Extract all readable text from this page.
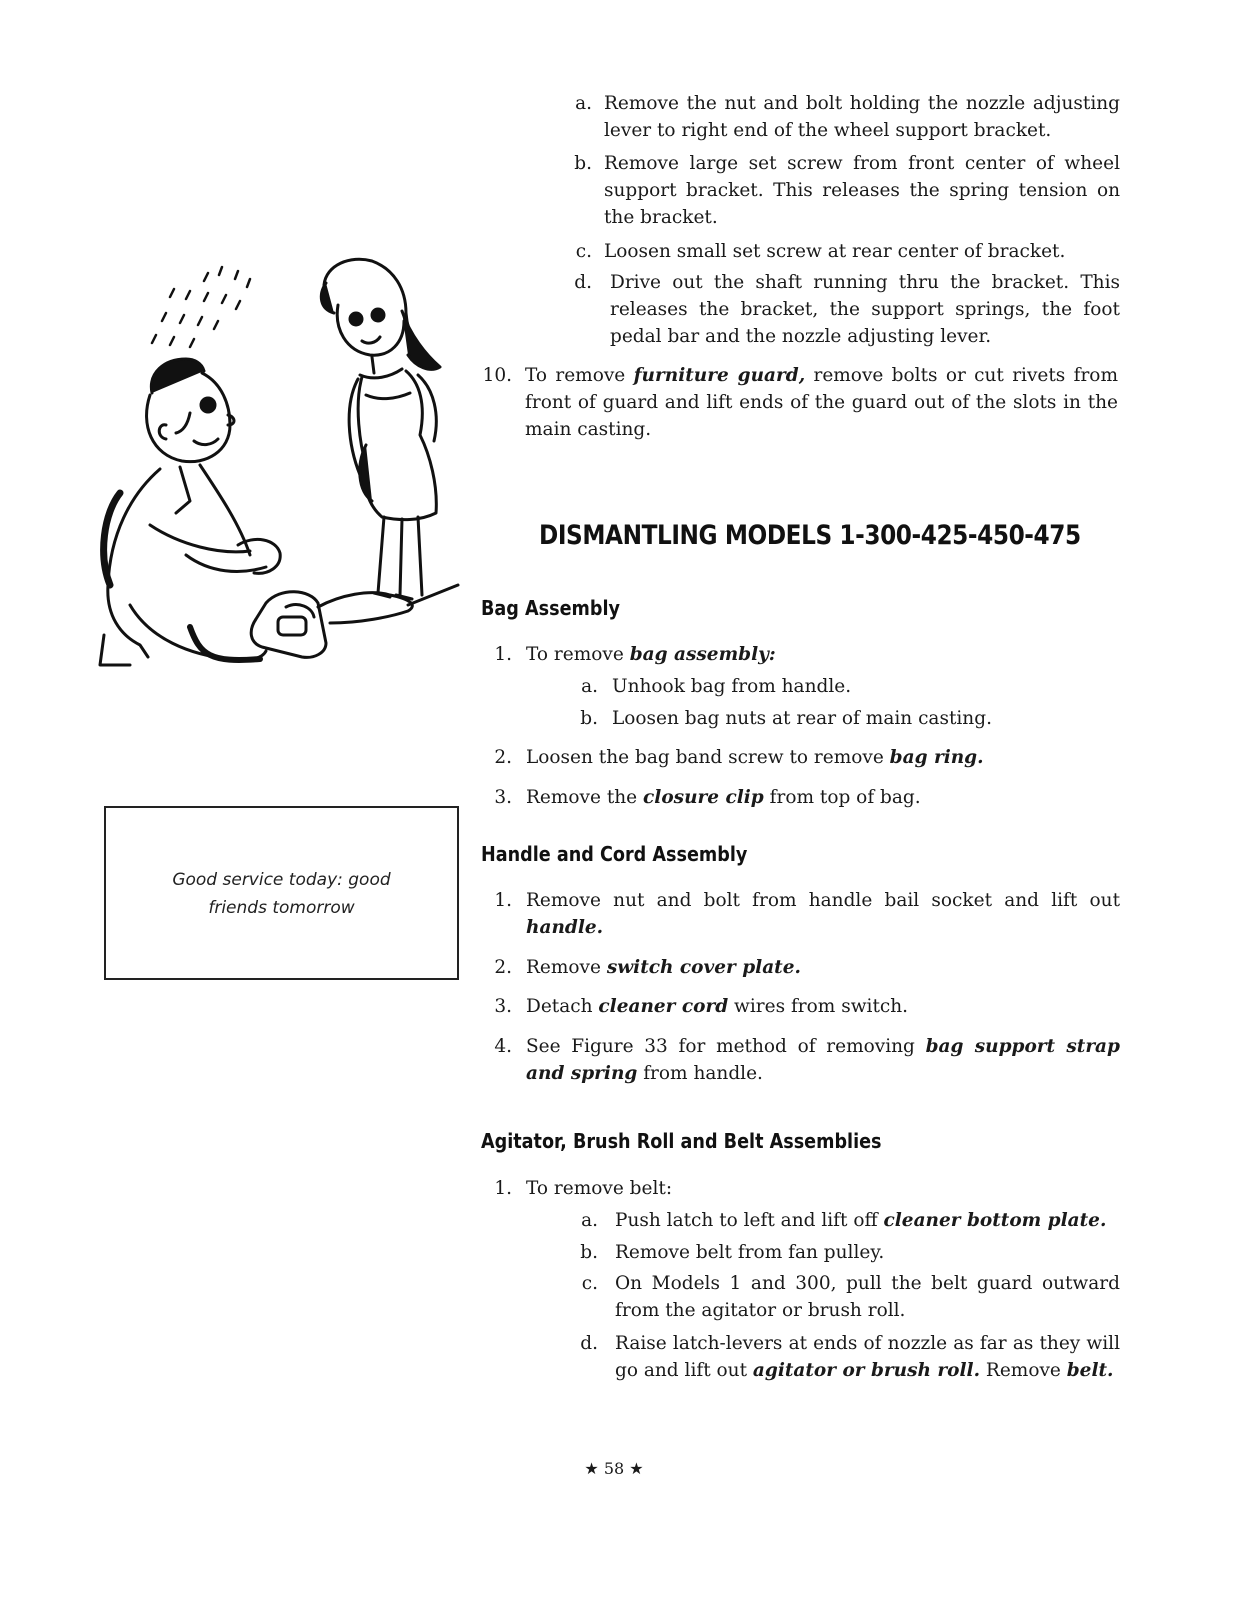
Good service today: good
friends tomorrow
a. Remove the nut and bolt holding the nozzle adjusting lever to right end of the wheel support bracket.
b. Remove large set screw from front center of wheel support bracket. This releases the spring tension on the bracket.
c. Loosen small set screw at rear center of bracket.
d. Drive out the shaft running thru the bracket. This releases the bracket, the support springs, the foot pedal bar and the nozzle adjusting lever.
10. To remove furniture guard, remove bolts or cut rivets from front of guard and lift ends of the guard out of the slots in the main casting.
DISMANTLING MODELS 1-300-425-450-475
Bag Assembly
1. To remove bag assembly:
a. Unhook bag from handle.
b. Loosen bag nuts at rear of main casting.
2. Loosen the bag band screw to remove bag ring.
3. Remove the closure clip from top of bag.
Handle and Cord Assembly
1. Remove nut and bolt from handle bail socket and lift out handle.
2. Remove switch cover plate.
3. Detach cleaner cord wires from switch.
4. See Figure 33 for method of removing bag support strap and spring from handle.
Agitator, Brush Roll and Belt Assemblies
1. To remove belt:
a. Push latch to left and lift off cleaner bottom plate.
b. Remove belt from fan pulley.
c. On Models 1 and 300, pull the belt guard outward from the agitator or brush roll.
d. Raise latch-levers at ends of nozzle as far as they will go and lift out agitator or brush roll. Remove belt.
★ 58 ★
